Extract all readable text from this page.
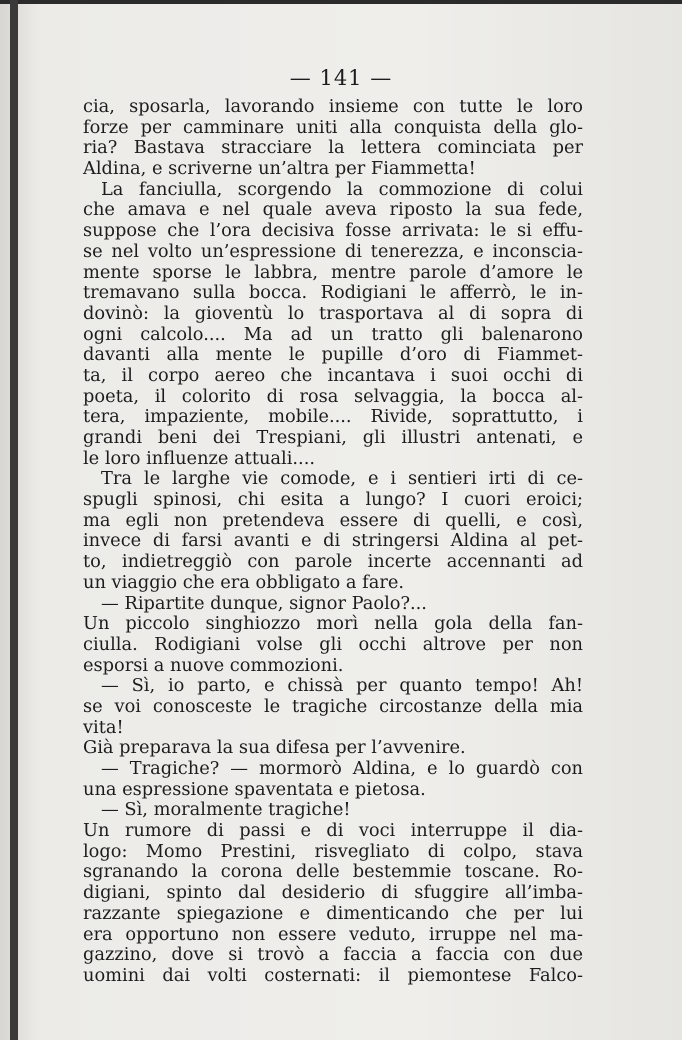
— 141 —
cia, sposarla, lavorando insieme con tutte le loro
forze per camminare uniti alla conquista della glo-
ria? Bastava stracciare la lettera cominciata per
Aldina, e scriverne un’altra per Fiammetta!
La fanciulla, scorgendo la commozione di colui
che amava e nel quale aveva riposto la sua fede,
suppose che l’ora decisiva fosse arrivata: le si effu-
se nel volto un’espressione di tenerezza, e inconscia-
mente sporse le labbra, mentre parole d’amore le
tremavano sulla bocca. Rodigiani le afferrò, le in-
dovinò: la gioventù lo trasportava al di sopra di
ogni calcolo.... Ma ad un tratto gli balenarono
davanti alla mente le pupille d’oro di Fiammet-
ta, il corpo aereo che incantava i suoi occhi di
poeta, il colorito di rosa selvaggia, la bocca al-
tera, impaziente, mobile.... Rivide, soprattutto, i
grandi beni dei Trespiani, gli illustri antenati, e
le loro influenze attuali....
Tra le larghe vie comode, e i sentieri irti di ce-
spugli spinosi, chi esita a lungo? I cuori eroici;
ma egli non pretendeva essere di quelli, e così,
invece di farsi avanti e di stringersi Aldina al pet-
to, indietreggiò con parole incerte accennanti ad
un viaggio che era obbligato a fare.
— Ripartite dunque, signor Paolo?...
Un piccolo singhiozzo morì nella gola della fan-
ciulla. Rodigiani volse gli occhi altrove per non
esporsi a nuove commozioni.
— Sì, io parto, e chissà per quanto tempo! Ah!
se voi conosceste le tragiche circostanze della mia
vita!
Già preparava la sua difesa per l’avvenire.
— Tragiche? — mormorò Aldina, e lo guardò con
una espressione spaventata e pietosa.
— Sì, moralmente tragiche!
Un rumore di passi e di voci interruppe il dia-
logo: Momo Prestini, risvegliato di colpo, stava
sgranando la corona delle bestemmie toscane. Ro-
digiani, spinto dal desiderio di sfuggire all’imba-
razzante spiegazione e dimenticando che per lui
era opportuno non essere veduto, irruppe nel ma-
gazzino, dove si trovò a faccia a faccia con due
uomini dai volti costernati: il piemontese Falco-
